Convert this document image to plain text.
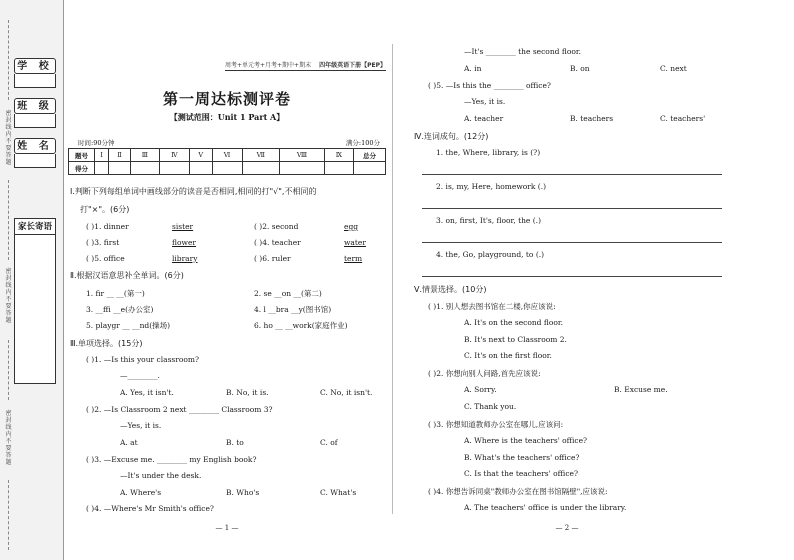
学 校
班 级
姓 名
家长寄语
密封线内不要答题
密封线内不要答题
密封线内不要答题
周考+单元考+月考+期中+期末 四年级英语下册【PEP】
第一周达标测评卷
【测试范围：Unit 1 Part A】
时间:90分钟	满分:100分
题号	Ⅰ	Ⅱ	Ⅲ	Ⅳ	Ⅴ	Ⅵ	Ⅶ	Ⅷ	Ⅸ	总分
得分										
Ⅰ.判断下列每组单词中画线部分的读音是否相同,相同的打"√",不相同的
打"×"。(6分)
( )1. dinner	sister	( )2. second	egg
( )3. first	flower	( )4. teacher	water
( )5. office	library	( )6. ruler	term
Ⅱ.根据汉语意思补全单词。(6分)
1. fir __ __(第一)	2. se __on __(第二)
3. __ffi __e(办公室)	4. l __bra __y(图书馆)
5. playgr __ __nd(操场)	6. ho __ __work(家庭作业)
Ⅲ.单项选择。(15分)
( )1. —Is this your classroom?
—________.
A. Yes, it isn't.	B. No, it is.	C. No, it isn't.
( )2. —Is Classroom 2 next ________ Classroom 3?
—Yes, it is.
A. at	B. to	C. of
( )3. —Excuse me. ________ my English book?
—It's under the desk.
A. Where's	B. Who's	C. What's
( )4. —Where's Mr Smith's office?
— 1 —
—It's ________ the second floor.
A. in	B. on	C. next
( )5. —Is this the ________ office?
—Yes, it is.
A. teacher	B. teachers	C. teachers'
Ⅳ.连词成句。(12分)
1. the, Where, library, is (?)
2. is, my, Here, homework (.)
3. on, first, It's, floor, the (.)
4. the, Go, playground, to (.)
Ⅴ.情景选择。(10分)
( )1. 别人想去图书馆在二楼,你应该说:
A. It's on the second floor.
B. It's next to Classroom 2.
C. It's on the first floor.
( )2. 你想向别人问路,首先应该说:
A. Sorry.	B. Excuse me.
C. Thank you.
( )3. 你想知道教师办公室在哪儿,应该问:
A. Where is the teachers' office?
B. What's the teachers' office?
C. Is that the teachers' office?
( )4. 你想告诉同桌"教师办公室在图书馆隔壁",应该说:
A. The teachers' office is under the library.
— 2 —
